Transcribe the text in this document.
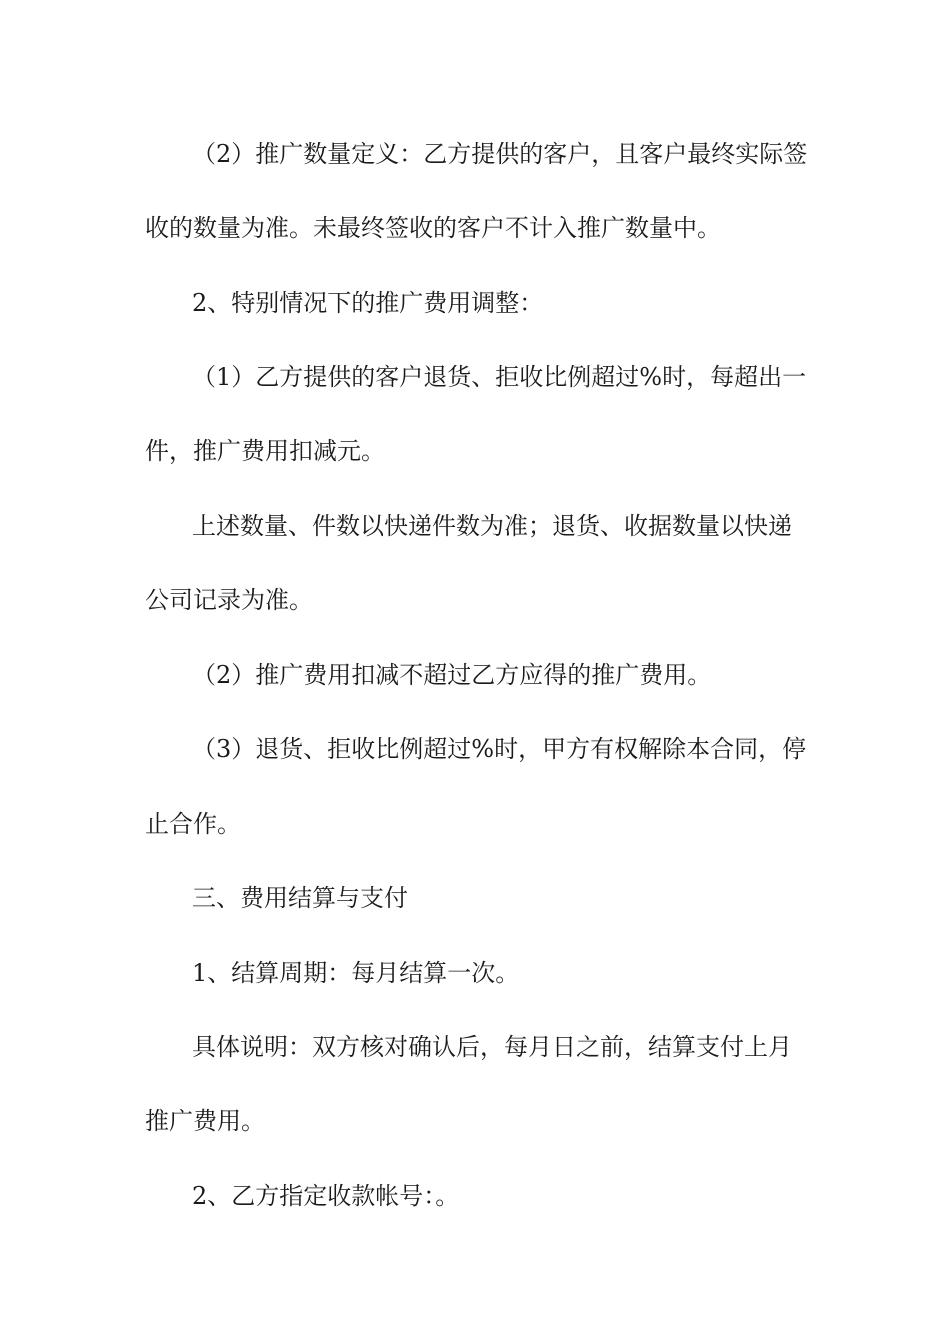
（2）推广数量定义：乙方提供的客户，且客户最终实际签
收的数量为准。未最终签收的客户不计入推广数量中。
2、特别情况下的推广费用调整：
（1）乙方提供的客户退货、拒收比例超过%时，每超出一
件，推广费用扣减元。
上述数量、件数以快递件数为准；退货、收据数量以快递
公司记录为准。
（2）推广费用扣减不超过乙方应得的推广费用。
（3）退货、拒收比例超过%时，甲方有权解除本合同，停
止合作。
三、费用结算与支付
1、结算周期：每月结算一次。
具体说明：双方核对确认后，每月日之前，结算支付上月
推广费用。
2、乙方指定收款帐号：。
